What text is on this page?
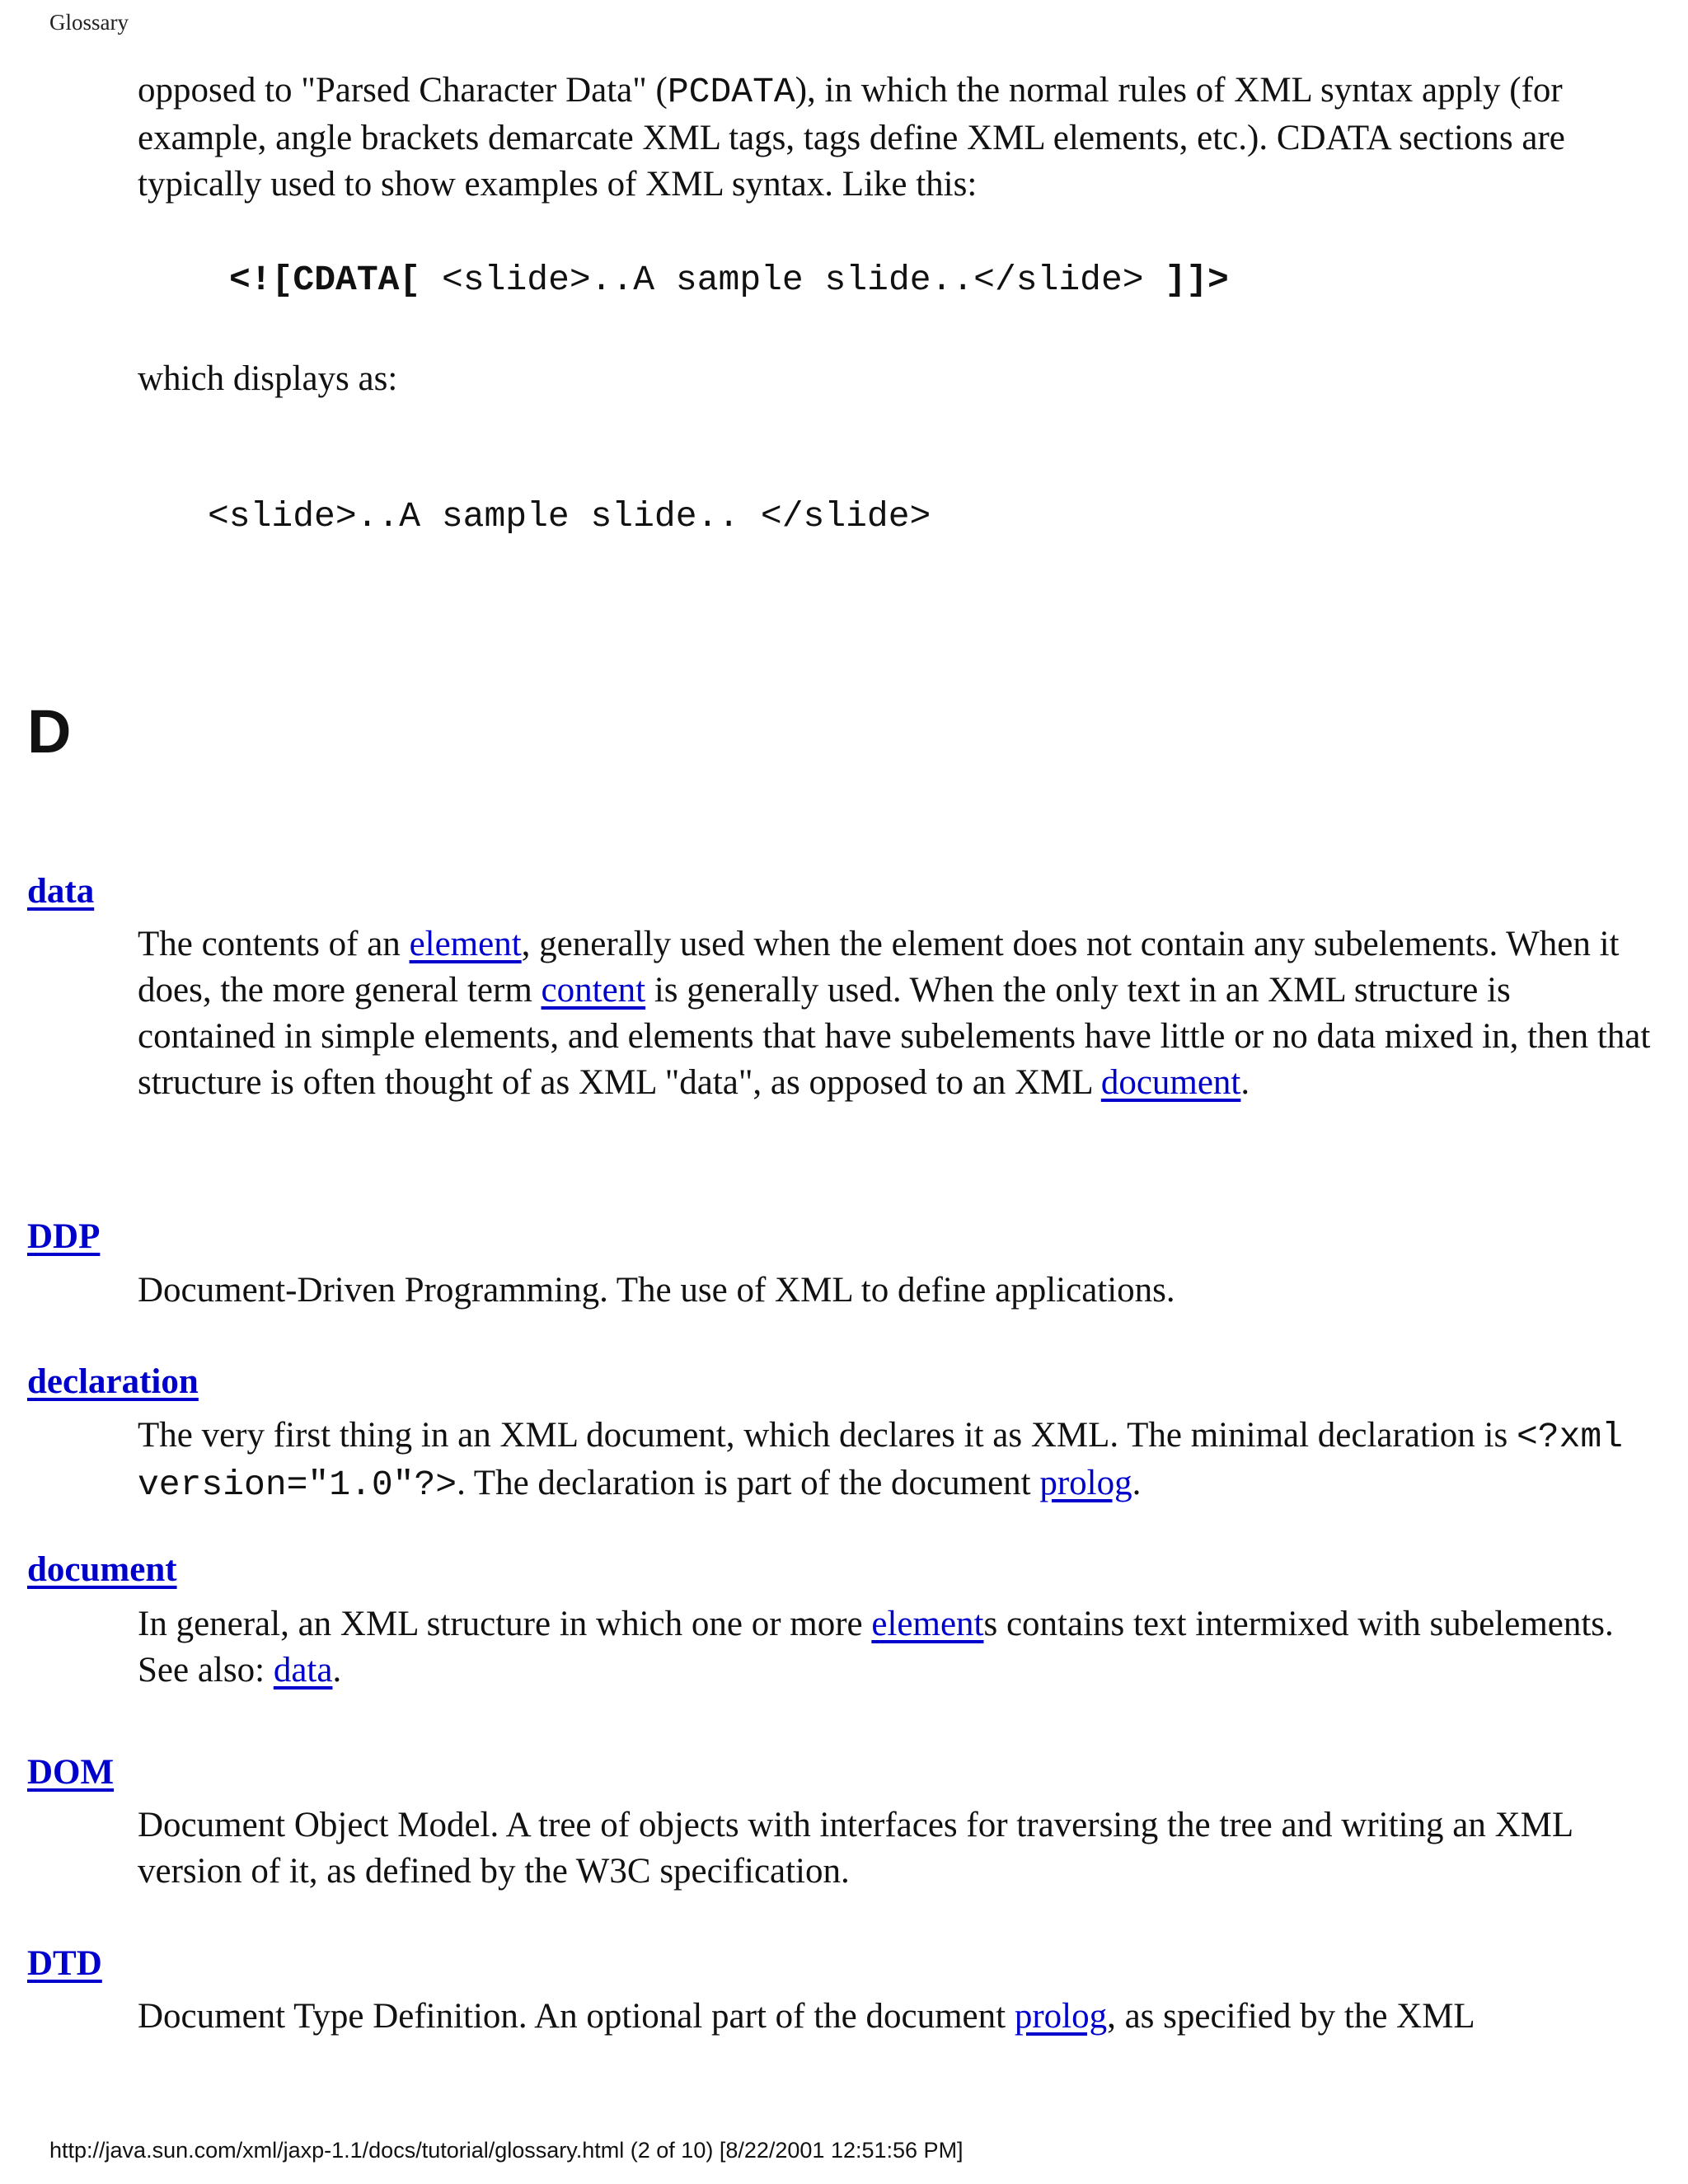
Glossary

opposed to "Parsed Character Data" (PCDATA), in which the normal rules of XML syntax apply (for example, angle brackets demarcate XML tags, tags define XML elements, etc.). CDATA sections are typically used to show examples of XML syntax. Like this:

<![CDATA[ <slide>..A sample slide..</slide> ]]>
which displays as:
<slide>..A sample slide.. </slide>
D
data

The contents of an element, generally used when the element does not contain any subelements. When it does, the more general term content is generally used. When the only text in an XML structure is contained in simple elements, and elements that have subelements have little or no data mixed in, then that structure is often thought of as XML "data", as opposed to an XML document.

DDP
Document-Driven Programming. The use of XML to define applications.
declaration

The very first thing in an XML document, which declares it as XML. The minimal declaration is <?xml version="1.0"?>. The declaration is part of the document prolog.

document

In general, an XML structure in which one or more elements contains text intermixed with subelements. See also: data.

DOM
Document Object Model. A tree of objects with interfaces for traversing the tree and writing an XML version of it, as defined by the W3C specification.
DTD

Document Type Definition. An optional part of the document prolog, as specified by the XML

http://java.sun.com/xml/jaxp-1.1/docs/tutorial/glossary.html (2 of 10) [8/22/2001 12:51:56 PM]
